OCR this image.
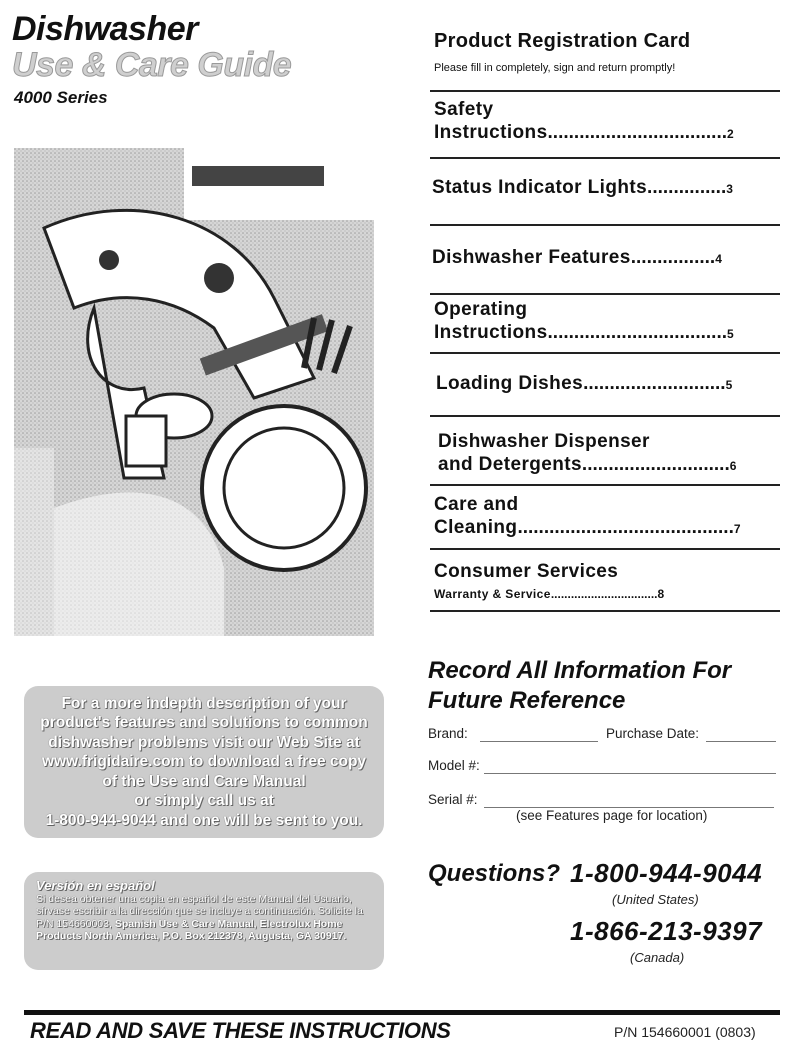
Dishwasher
Use & Care Guide
4000 Series
For a more indepth description of your
product's features and solutions to common
dishwasher problems visit our Web Site at
www.frigidaire.com to download a free copy
of the Use and Care Manual
or simply call us at
1-800-944-9044 and one will be sent to you.
Versión en español
Si desea obtener una copia en español de este Manual del Usuario, sírvase escribir a la dirección que se incluye a continuación. Solicite la P/N 154660003, Spanish Use & Care Manual, Electrolux Home Products North America, P.O. Box 212378, Augusta, GA 30917.
Product Registration Card
Please fill in completely, sign and return promptly!
Safety
Instructions..................................2
Status Indicator Lights...............3
Dishwasher Features................4
Operating
Instructions..................................5
Loading Dishes...........................5
Dishwasher Dispenser
and Detergents............................6
Care and
Cleaning.........................................7
Consumer Services
Warranty & Service................................8
Record All Information For
Future Reference
Brand:	Purchase Date:
Model #:
Serial #:
(see Features page for location)
Questions? 1-800-944-9044
(United States)
1-866-213-9397
(Canada)
READ AND SAVE THESE INSTRUCTIONS	P/N 154660001 (0803)
